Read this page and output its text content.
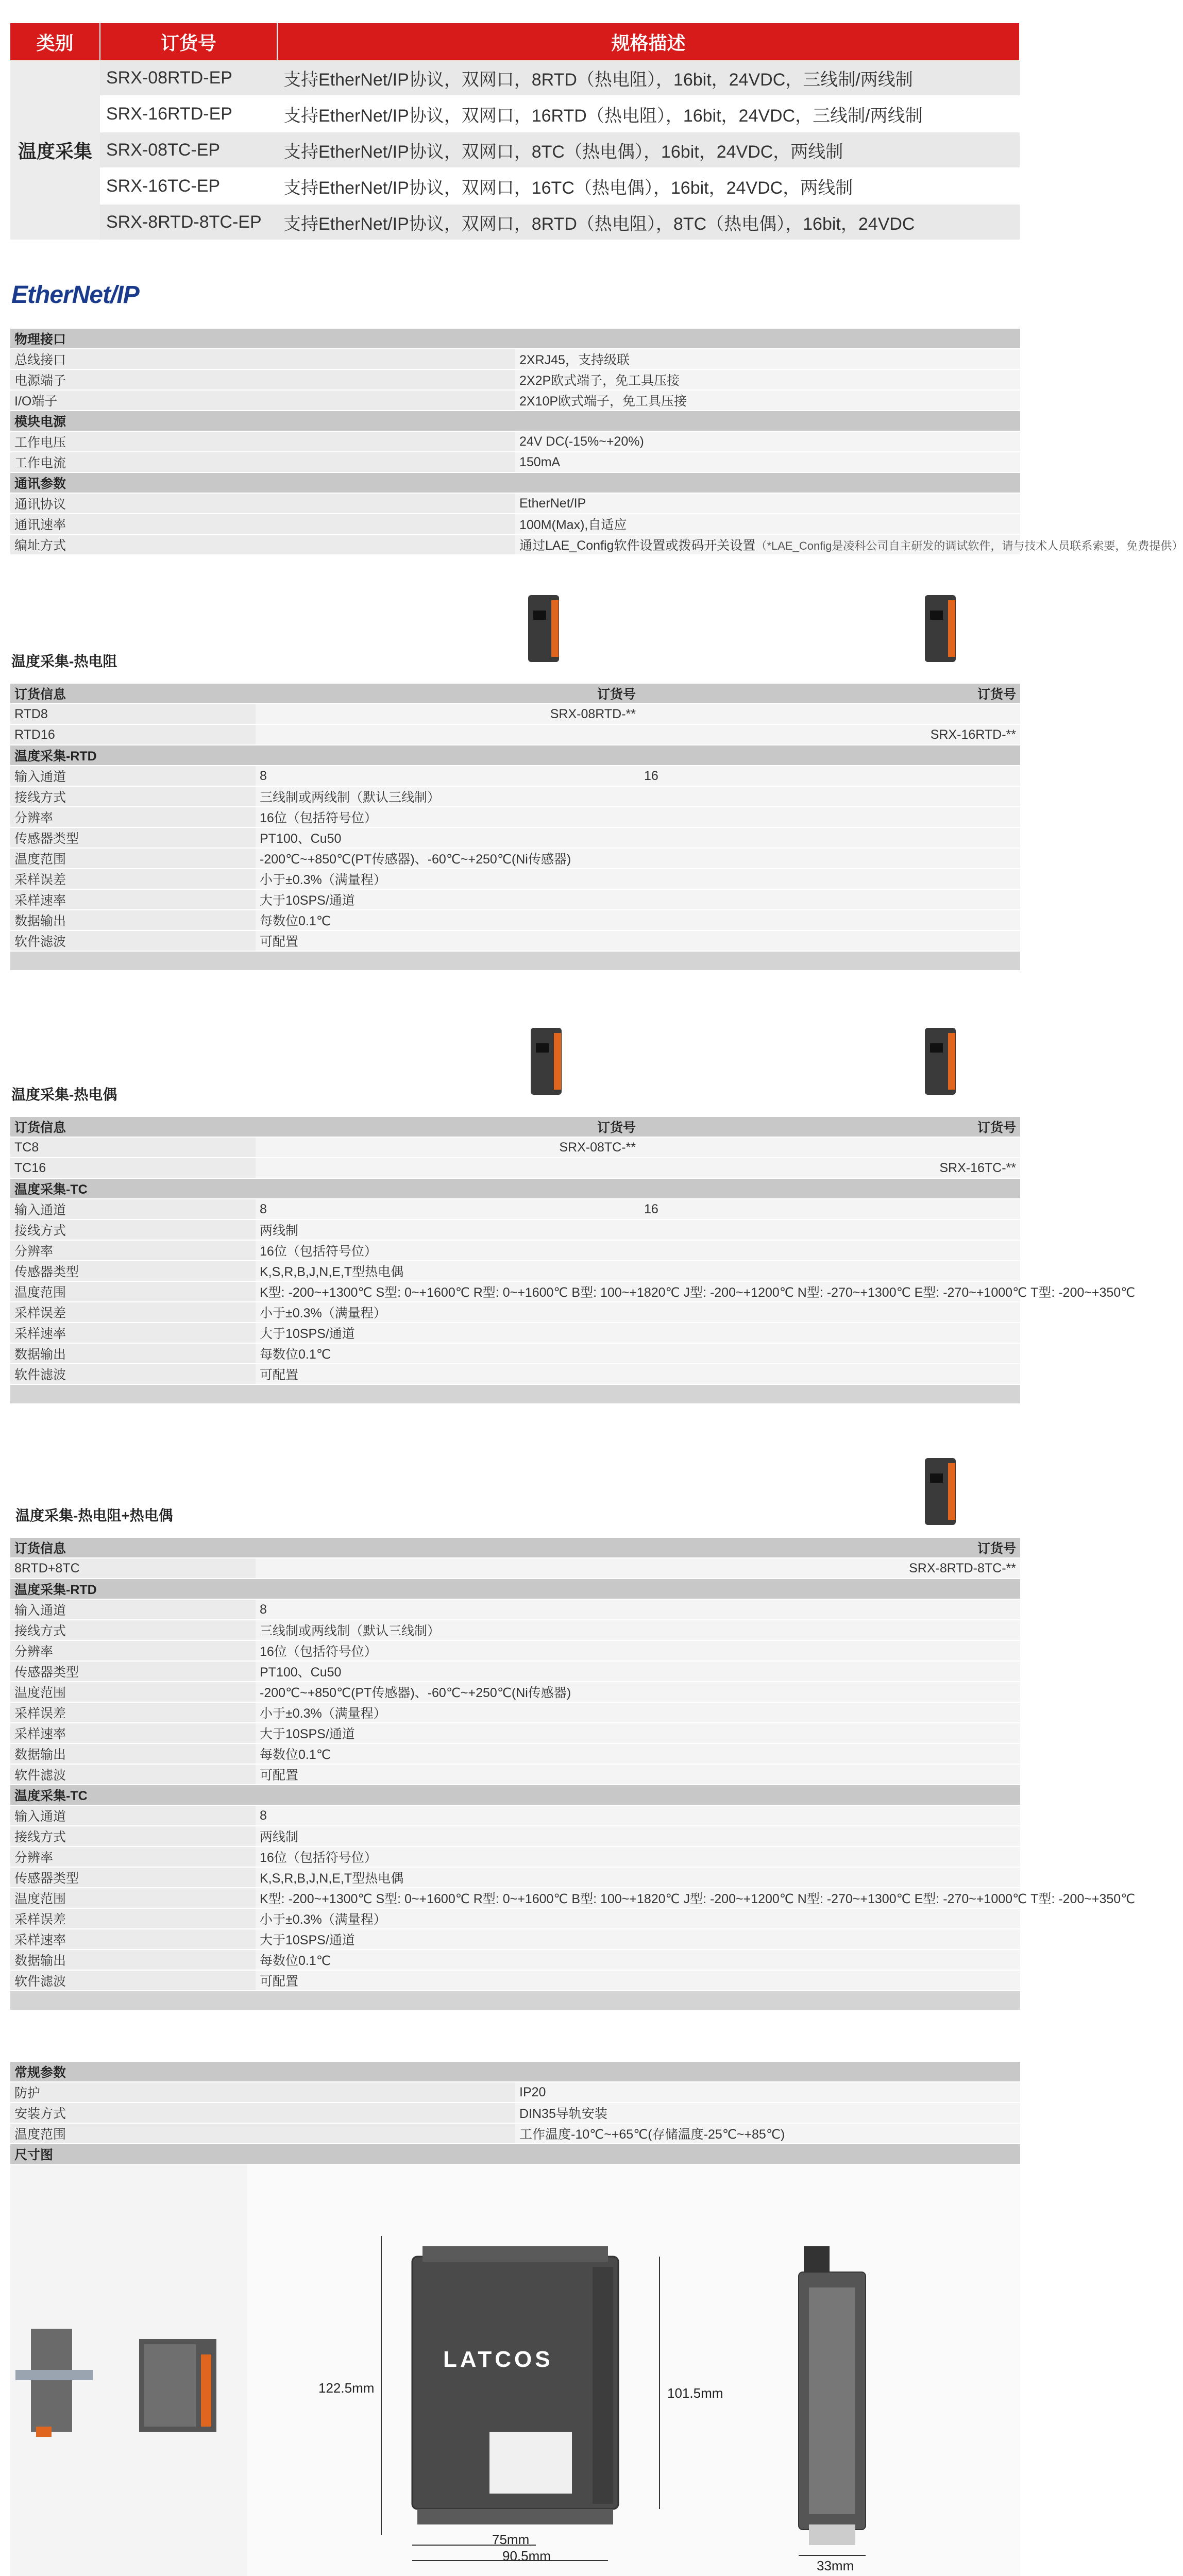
类别	订货号	规格描述
温度采集	SRX-08RTD-EP	支持EtherNet/IP协议，双网口，8RTD（热电阻），16bit，24VDC，三线制/两线制
	SRX-16RTD-EP	支持EtherNet/IP协议，双网口，16RTD（热电阻），16bit，24VDC，三线制/两线制
	SRX-08TC-EP	支持EtherNet/IP协议，双网口，8TC（热电偶），16bit，24VDC，两线制
	SRX-16TC-EP	支持EtherNet/IP协议，双网口，16TC（热电偶），16bit，24VDC，两线制
	SRX-8RTD-8TC-EP	支持EtherNet/IP协议，双网口，8RTD（热电阻），8TC（热电偶），16bit，24VDC
EtherNet/IP
物理接口	
总线接口	2XRJ45，支持级联
电源端子	2X2P欧式端子，免工具压接
I/O端子	2X10P欧式端子，免工具压接
模块电源	
工作电压	24V DC(-15%~+20%)
工作电流	150mA
通讯参数	
通讯协议	EtherNet/IP
通讯速率	100M(Max),自适应
编址方式	通过LAE_Config软件设置或拨码开关设置（*LAE_Config是凌科公司自主研发的调试软件，请与技术人员联系索要，免费提供）
温度采集-热电阻
订货信息	订货号	订货号
RTD8	SRX-08RTD-**	
RTD16		SRX-16RTD-**
温度采集-RTD		
输入通道	8	16
接线方式	三线制或两线制（默认三线制）	
分辨率	16位（包括符号位）	
传感器类型	PT100、Cu50	
温度范围	-200℃~+850℃(PT传感器)、-60℃~+250℃(Ni传感器)	
采样误差	小于±0.3%（满量程）	
采样速率	大于10SPS/通道	
数据输出	每数位0.1℃	
软件滤波	可配置	

温度采集-热电偶
订货信息	订货号	订货号
TC8	SRX-08TC-**	
TC16		SRX-16TC-**
温度采集-TC		
输入通道	8	16
接线方式	两线制	
分辨率	16位（包括符号位）	
传感器类型	K,S,R,B,J,N,E,T型热电偶	
温度范围	K型: -200~+1300℃ S型: 0~+1600℃ R型: 0~+1600℃ B型: 100~+1820℃ J型: -200~+1200℃ N型: -270~+1300℃ E型: -270~+1000℃ T型: -200~+350℃	
采样误差	小于±0.3%（满量程）	
采样速率	大于10SPS/通道	
数据输出	每数位0.1℃	
软件滤波	可配置	

温度采集-热电阻+热电偶
订货信息	订货号
8RTD+8TC	SRX-8RTD-8TC-**
温度采集-RTD	
输入通道	8
接线方式	三线制或两线制（默认三线制）
分辨率	16位（包括符号位）
传感器类型	PT100、Cu50
温度范围	-200℃~+850℃(PT传感器)、-60℃~+250℃(Ni传感器)
采样误差	小于±0.3%（满量程）
采样速率	大于10SPS/通道
数据输出	每数位0.1℃
软件滤波	可配置
温度采集-TC	
输入通道	8
接线方式	两线制
分辨率	16位（包括符号位）
传感器类型	K,S,R,B,J,N,E,T型热电偶
温度范围	K型: -200~+1300℃ S型: 0~+1600℃ R型: 0~+1600℃ B型: 100~+1820℃ J型: -200~+1200℃ N型: -270~+1300℃ E型: -270~+1000℃ T型: -200~+350℃
采样误差	小于±0.3%（满量程）
采样速率	大于10SPS/通道
数据输出	每数位0.1℃
软件滤波	可配置

常规参数	
防护	IP20
安装方式	DIN35导轨安装
温度范围	工作温度-10℃~+65℃(存储温度-25℃~+85℃)
尺寸图	
LATCOS
122.5mm	101.5mm
75mm
90.5mm
33mm
